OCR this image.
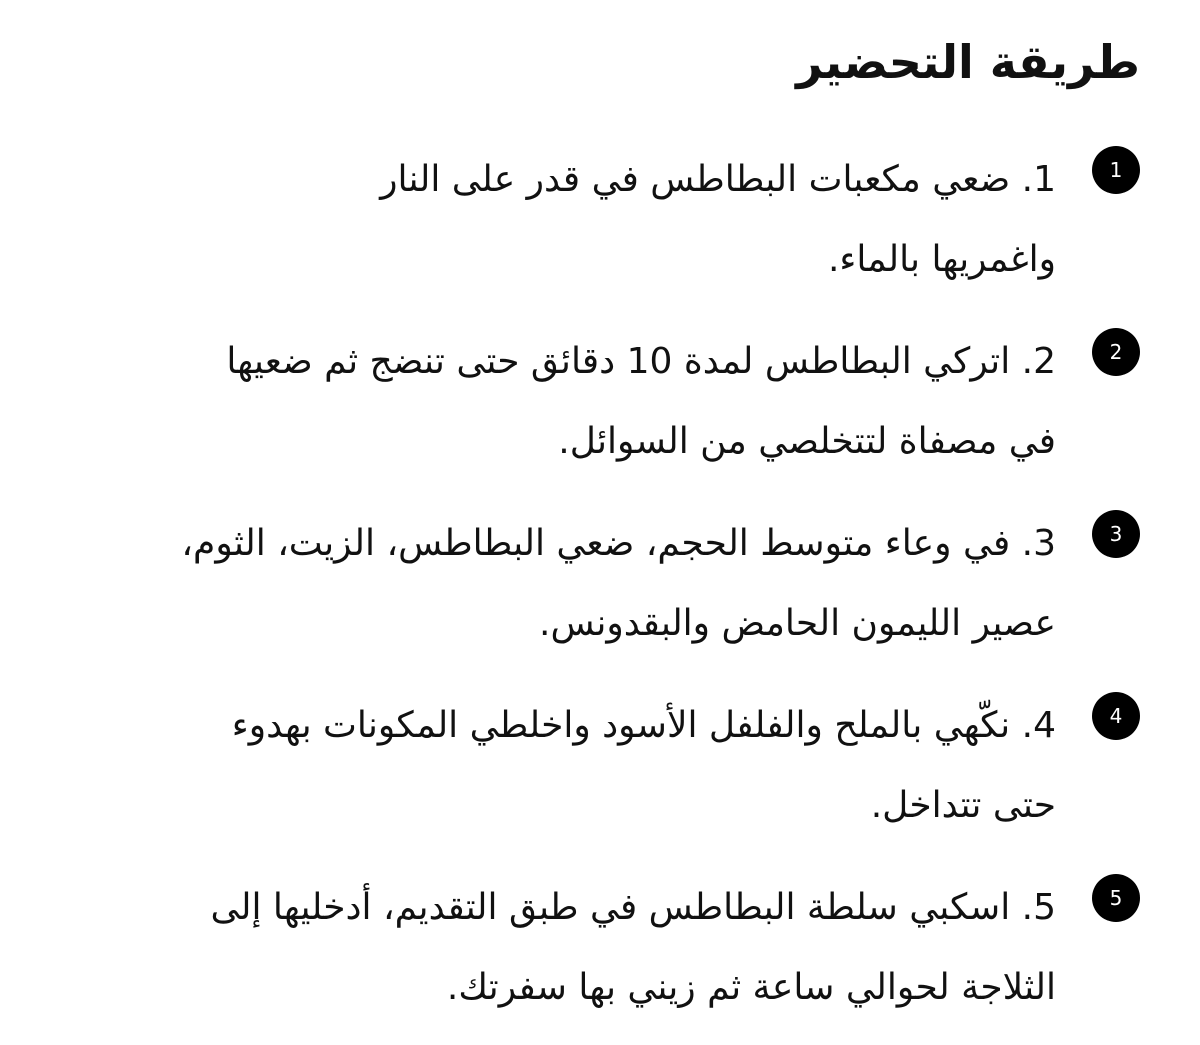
طريقة التحضير
1

1. ضعي مكعبات البطاطس في قدر على النار
واغمريها بالماء.

2

2. اتركي البطاطس لمدة 10 دقائق حتى تنضج ثم ضعيها
في مصفاة لتتخلصي من السوائل.

3

3. في وعاء متوسط الحجم، ضعي البطاطس، الزيت، الثوم،
عصير الليمون الحامض والبقدونس.

4

4. نكّهي بالملح والفلفل الأسود واخلطي المكونات بهدوء
حتى تتداخل.

5

5. اسكبي سلطة البطاطس في طبق التقديم، أدخليها إلى
الثلاجة لحوالي ساعة ثم زيني بها سفرتك.
